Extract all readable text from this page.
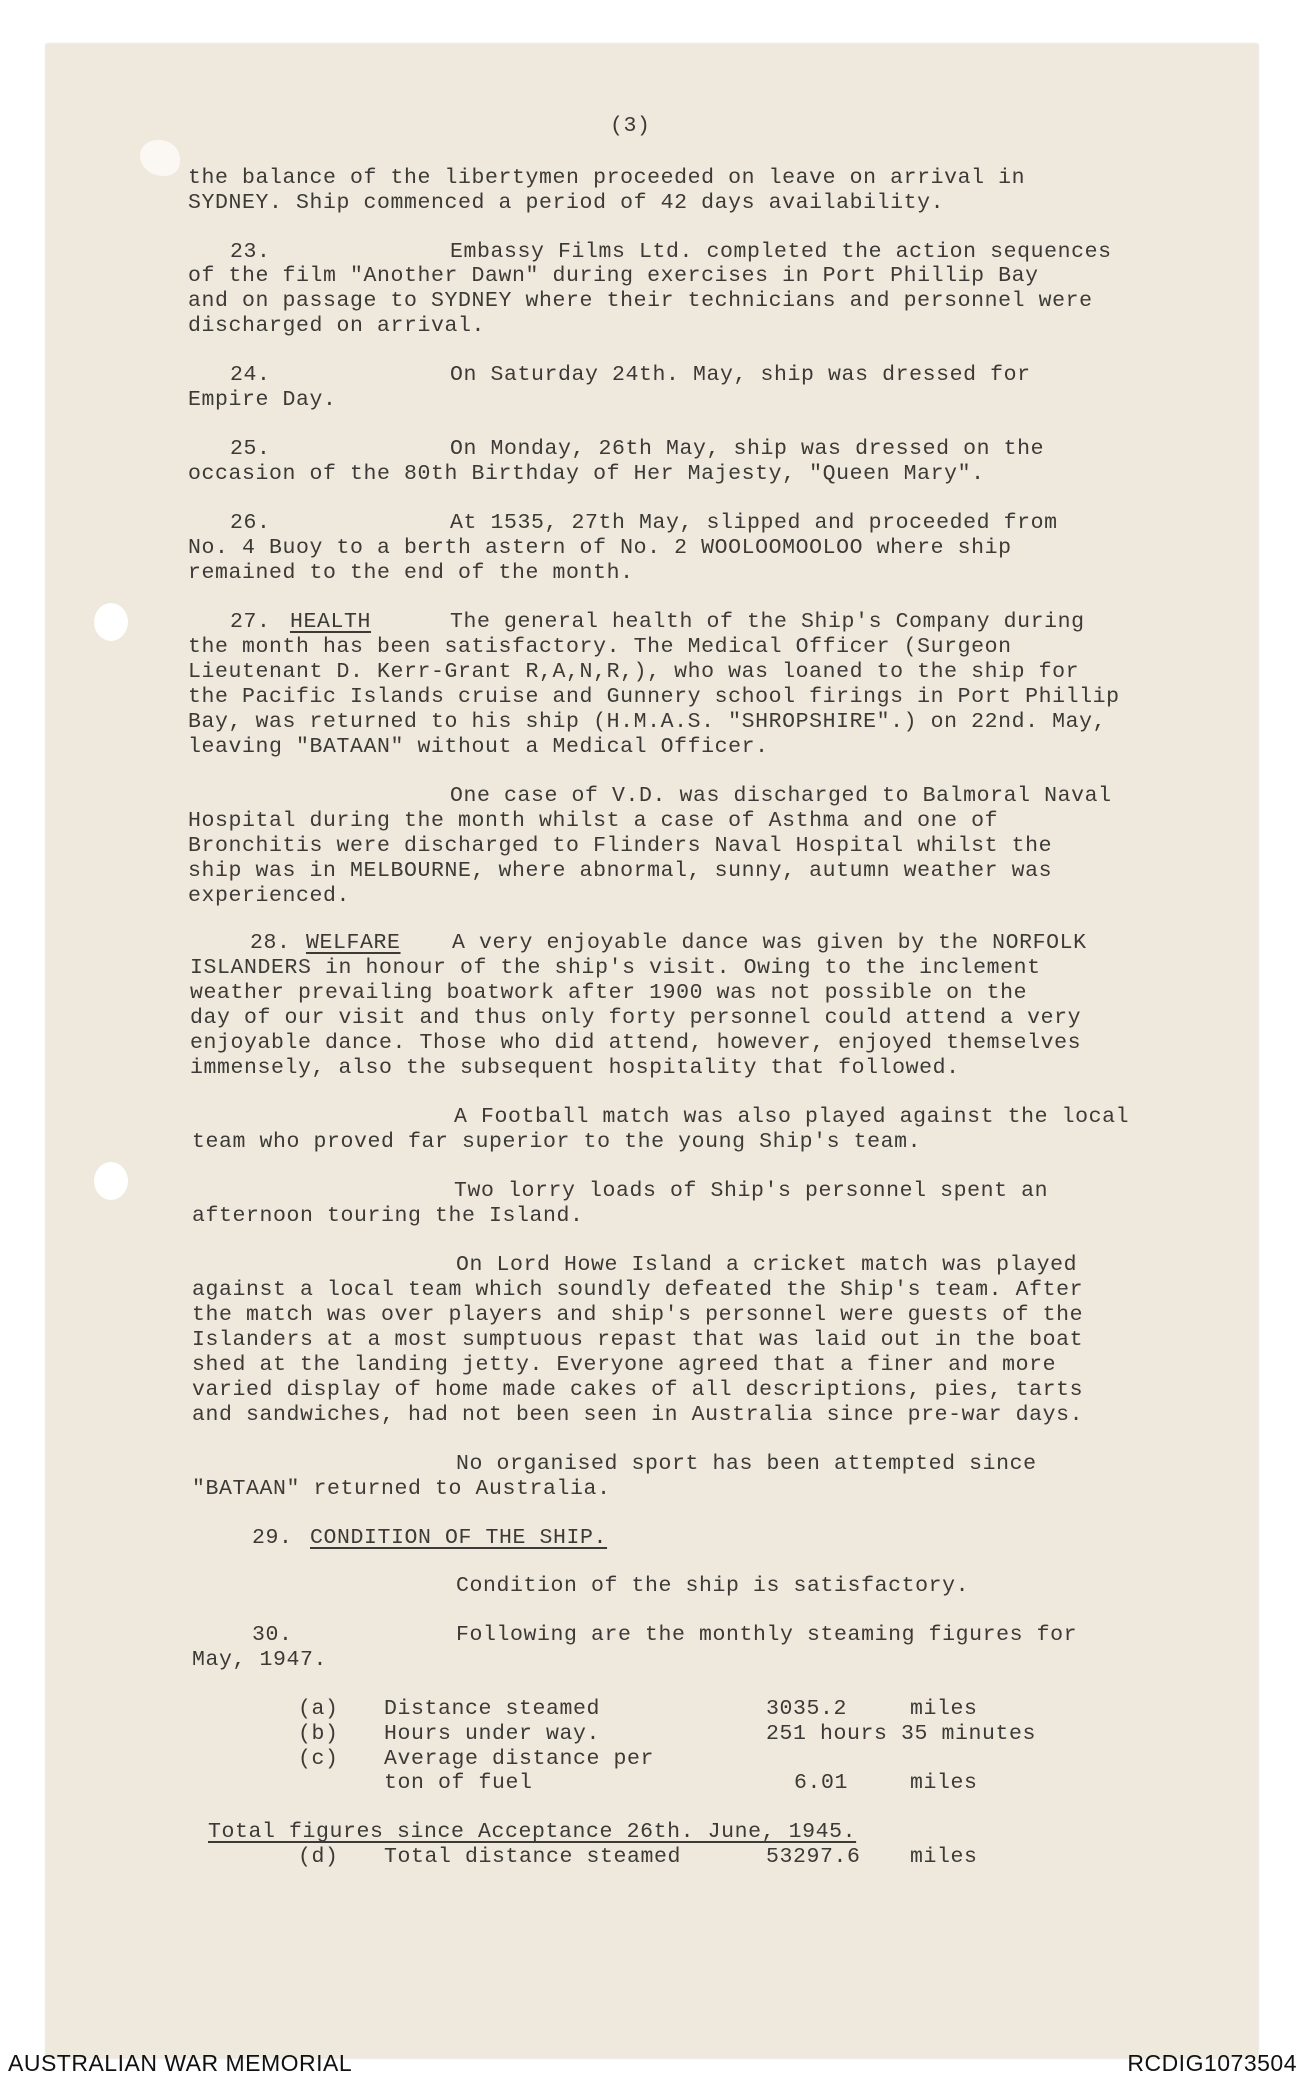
(3)
the balance of the libertymen proceeded on leave on arrival in
SYDNEY. Ship commenced a period of 42 days availability.
23.	Embassy Films Ltd. completed the action sequences
of the film "Another Dawn" during exercises in Port Phillip Bay
and on passage to SYDNEY where their technicians and personnel were
discharged on arrival.
24.	On Saturday 24th. May, ship was dressed for
Empire Day.
25.	On Monday, 26th May, ship was dressed on the
occasion of the 80th Birthday of Her Majesty, "Queen Mary".
26.	At 1535, 27th May, slipped and proceeded from
No. 4 Buoy to a berth astern of No. 2 WOOLOOMOOLOO where ship
remained to the end of the month.
27. HEALTH	The general health of the Ship's Company during
the month has been satisfactory. The Medical Officer (Surgeon
Lieutenant D. Kerr-Grant R,A,N,R,), who was loaned to the ship for
the Pacific Islands cruise and Gunnery school firings in Port Phillip
Bay, was returned to his ship (H.M.A.S. "SHROPSHIRE".) on 22nd. May,
leaving "BATAAN" without a Medical Officer.
One case of V.D. was discharged to Balmoral Naval
Hospital during the month whilst a case of Asthma and one of
Bronchitis were discharged to Flinders Naval Hospital whilst the
ship was in MELBOURNE, where abnormal, sunny, autumn weather was
experienced.
28. WELFARE A very enjoyable dance was given by the NORFOLK
ISLANDERS in honour of the ship's visit. Owing to the inclement
weather prevailing boatwork after 1900 was not possible on the
day of our visit and thus only forty personnel could attend a very
enjoyable dance. Those who did attend, however, enjoyed themselves
immensely, also the subsequent hospitality that followed.
A Football match was also played against the local
team who proved far superior to the young Ship's team.
Two lorry loads of Ship's personnel spent an
afternoon touring the Island.
On Lord Howe Island a cricket match was played
against a local team which soundly defeated the Ship's team. After
the match was over players and ship's personnel were guests of the
Islanders at a most sumptuous repast that was laid out in the boat
shed at the landing jetty. Everyone agreed that a finer and more
varied display of home made cakes of all descriptions, pies, tarts
and sandwiches, had not been seen in Australia since pre-war days.
No organised sport has been attempted since
"BATAAN" returned to Australia.
29. CONDITION OF THE SHIP.
Condition of the ship is satisfactory.
30.	Following are the monthly steaming figures for
May, 1947.
(a) Distance steamed	3035.2	miles
(b) Hours under way.	251 hours 35 minutes
(c) Average distance per
ton of fuel	6.01	miles
Total figures since Acceptance 26th. June, 1945.
(d) Total distance steamed	53297.6 miles
AUSTRALIAN WAR MEMORIAL	RCDIG1073504
